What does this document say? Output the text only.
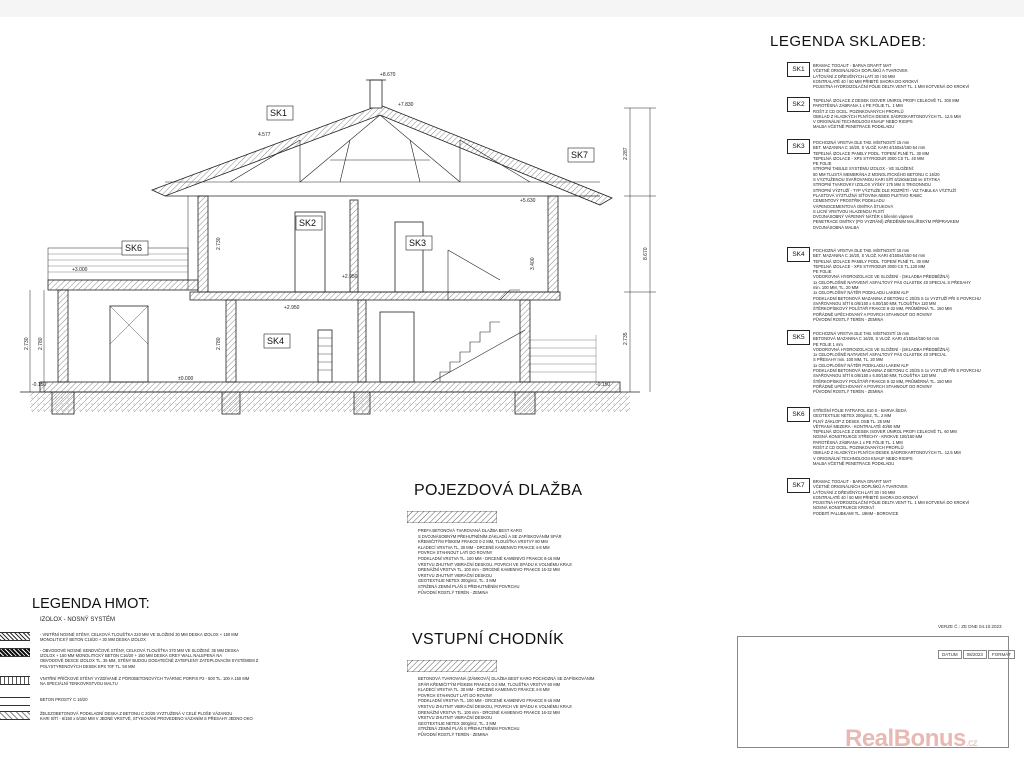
SK1
SK7
SK6
SK2
SK3
SK4
+8.670
+7.830
+5.630
+3.000
+2.950
+2.950
±0.000
-0.150	-0.150
4.577
8.670
2.287
2.735
2.730
2.780
3.400
2.730 2.780
LEGENDA SKLADEB:
SK1
BRAMAC TOGALIT - BARVA GRAFIT MAT
VČETNĚ ORIGINÁLNÍCH DOPLŇKŮ A TVAROVEK
LAŤOVÁNÍ Z DŘEVĚNÝCH LATÍ 30 / 50 MM
KONTRALATĚ 40 / 60 MM PŘIBITÉ SHORA DO KROKVÍ
POJISTNÁ HYDROIZOLAČNÍ FÓLIE DELTA VENT TL. 1 MM KOTVENÁ DO KROKVÍ
SK2
TEPELNÁ IZOLACE Z DESEK ISOVER UNIROL PROFI CELKOVĚ TL. 300 MM
PAROTĚSNÁ ZÁBRANA 1 x PE FÓLIE TL. 1 MM
ROŠT Z CD OCEL. POZINKOVANÝCH PROFILŮ
OBKLAD Z HLADKÝCH PLNÝCH DESEK SÁDROKARTONOVÝCH TL. 12.5 MM
V ORIGINÁLNÍ TECHNOLOGII KNAUF NEBO RIGIPS
MALBA VČETNĚ PENETRACE PODKLADU
SK3
POCHOZNÁ VRSTVA DLE TAB. MÍSTNOSTÍ 15 mm
BET. MAZANINA C 16/20, S VLOŽ. KARI 4/150x4/150 64 mm
TEPELNÁ IZOLACE PANELY PODL. TOPENÍ PLNÉ TL. 30 MM
TEPELNÁ IZOLACE - XPS STYRODUR 3000 CS TL. 40 MM
PE FOLIE
STROPNÍ TABULE SYSTÉMU IZOLOX - VE SLOŽENÍ:
50 MM TLUSTÁ MEMBRÁNA Z MONOLITICKÉHO BETONU C 16/20
S VYZTUŽENOU SVAŘOVANOU KARI SÍTÍ 6/150x6/150 ve STATIKA
STROPNÍ TVAROVKY IZOLOX VÝŠKY 175 MM S TRIGONNOU
STROPNÍ VÝZTUŽÍ - TYP VÝZTUŽE DLE ROZPĚTÍ - VIZ TABULKA VÝZTUŽÍ
PLASTOVÁ VÝZTUŽNÁ SÍŤOVINA NEBO PLETIVO RABIC
CEMENTOVÝ PROSTŘIK PODKLADU
VÁPENOCEMENTOVÁ OMÍTKA ŠTUKOVÁ
S LICNÍ VRSTVOU HLAZENOU PLSTÍ
DVOJNÁSOBNÝ VÁPENNÝ NÁTĚR s bílením vápnem
PENETRACE OMÍTKY (PO VYZRÁNÍ) ZŘEDĚNÍM MALÍŘSKÝM PŘÍPRAVKEM
DVOJNÁSOBNÁ MALBA
SK4
POCHOZNÁ VRSTVA DLE TAB. MÍSTNOSTÍ 15 mm
BET. MAZANINA C 16/20, S VLOŽ. KARI 4/150x4/150 64 mm
TEPELNÁ IZOLACE PANELY PODL. TOPENÍ PLNÉ TL. 30 MM
TEPELNÁ IZOLACE - XPS STYRODUR 3000 CS TL.120 MM
PE FOLIE
VODOROVNÁ HYDROIZOLACE VE SLOŽENÍ - (SKLADBA PŘEDBĚŽNÁ)
1x CELOPLOŠNĚ NATAVENÝ ASFALTOVÝ PÁS GLASTEK 40 SPECIAL S PŘESAHY
min. 100 MM, TL. 20 MM
1x CELOPLOŠNÝ NÁTĚR PODKLADU LAKEM ALP
PODKLADNÍ BETONOVÁ MAZANINA Z BETONU C 20/25 S 1x VYZTUŽÍ PŘI S POVRCHU
SVAŘOVANOU SÍTÍ 6.0/6/150 x 6.00/150 MM, TLOUŠŤKA 120 MM
ŠTĚRKOPÍSKOVÝ POLŠTÁŘ FRAKCE 8-32 MM, PRŮMĚRNÁ TL. 150 MM
POŘÁDNĚ UPĚCHOVANÝ A POVRCH STAHNOUT DO ROVINY
PŮVODNÍ ROSTLÝ TERÉN - ZEMINA
SK5
POCHOZNÁ VRSTVA DLE TAB. MÍSTNOSTÍ 15 mm
BETONOVÁ MAZANINA C 16/20, S VLOŽ. KARI 4/150x4/150 64 mm
PE FOLIE 1 mm
VODOROVNÁ HYDROIZOLACE VE SLOŽENÍ - (SKLADBA PŘEDBĚŽNÁ)
1x CELOPLOŠNĚ NATAVENÝ ASFALTOVÝ PÁS GLASTEK 40 SPECIAL
S PŘESAHY min. 100 MM, TL. 20 MM
1x CELOPLOŠNÝ NÁTĚR PODKLADU LAKEM ALP
PODKLADNÍ BETONOVÁ MAZANINA Z BETONU C 20/25 S 1x VYZTUŽÍ PŘI S POVRCHU
SVAŘOVANOU SÍTÍ 6.0/6/150 x 6.00/150 MM, TLOUŠŤKA 120 MM
ŠTĚRKOPÍSKOVÝ POLŠTÁŘ FRAKCE 8-32 MM, PRŮMĚRNÁ TL. 150 MM
POŘÁDNĚ UPĚCHOVANÝ A POVRCH STAHNOUT DO ROVINY
PŮVODNÍ ROSTLÝ TERÉN - ZEMINA
SK6
STŘEŠNÍ FÓLIE FATRAFOL 810 S - BARVA ŠEDÁ
GEOTEXTILIE NETEX 200g/m2, TL. 2 MM
PLNÝ ZÁKLOP Z DESEK OSB TL. 25 MM
VĚTRANÁ MEZERA - KONTRALATĚ 40/60 MM
TEPELNÁ IZOLACE Z DESEK ISOVER UNIROL PROFI CELKOVĚ TL. 60 MM
NOSNÁ KONSTRUKCE STŘECHY - KROKVE 100/160 MM
PAROTĚSNÁ ZÁBRANA 1 x PE FÓLIE TL. 1 MM
ROŠT Z CD OCEL. POZINKOVANÝCH PROFILŮ
OBKLAD Z HLADKÝCH PLNÝCH DESEK SÁDROKARTONOVÝCH TL. 12.5 MM
V ORIGINÁLNÍ TECHNOLOGII KNAUF NEBO RIGIPS
MALBA VČETNĚ PENETRACE PODKLADU
SK7
BRAMAC TOGALIT - BARVA GRAFIT MAT
VČETNĚ ORIGINÁLNÍCH DOPLŇKŮ A TVAROVEK
LAŤOVÁNÍ Z DŘEVĚNÝCH LATÍ 30 / 50 MM
KONTRALATĚ 40 / 60 MM PŘIBITÉ SHORA DO KROKVÍ
POJISTNÁ HYDROIZOLAČNÍ FÓLIE DELTA VENT TL. 1 MM KOTVENÁ DO KROKVÍ
NOSNÁ KONSTRUKCE KROKVÍ
PODBITÍ PALUBKAMI TL. 19MM - BOROVICE
POJEZDOVÁ DLAŽBA
PREFA BETONOVÁ TVAROVANÁ DLAŽBA BEST KARO
S DVOJNÁSOBNÝM PŘEHUTNĚNÍM ZÁKLADŮ A SE ZAPÍSKOVÁNÍM SPÁR
KŘEMIČITÝM PÍSKEM FRAKCE 0-2 MM, TLOUŠŤKA VRSTVY 80 MM
KLADECÍ VRSTVA TL. 30 MM - DRCENÉ KAMENIVO FRAKCE 4-8 MM
POVRCH STAHNOUT LATÍ DO ROVINY
PODKLADNÍ VRSTVA TL. 100 MM - DRCENÉ KAMENIVO FRAKCE 8-16 MM
VRSTVU ZHUTNIT VIBRAČNÍ DESKOU, POVRCH VE SPÁDU K VOLNÉMU KRAJI
DRENÁŽNÍ VRSTVA TL. 100 mm - DRCENÉ KAMENIVO FRAKCE 16-32 MM
VRSTVU ZHUTNIT VIBRAČNÍ DESKOU
GEOTEXTILIE NETEX 300g/m2, TL. 3 MM
STRŽENÁ ZEMNÍ PLÁŇ S PŘEHUTNĚNÍM POVRCHU
PŮVODNÍ ROSTLÝ TERÉN - ZEMINA
VSTUPNÍ CHODNÍK
BETONOVÁ TVAROVANÁ (ZÁMKOVÁ) DLAŽBA BEST KARO POCHOZNÁ SE ZAPÍSKOVÁNÍM
SPÁR KŘEMIČITÝM PÍSKEM FRAKCE 0-2 MM, TLOUŠŤKA VRSTVY 60 MM
KLADECÍ VRSTVA TL. 30 MM - DRCENÉ KAMENIVO FRAKCE 4-8 MM
POVRCH STAHNOUT LATÍ DO ROVINY
PODKLADNÍ VRSTVA TL. 100 MM - DRCENÉ KAMENIVO FRAKCE 8-16 MM
VRSTVU ZHUTNIT VIBRAČNÍ DESKOU, POVRCH VE SPÁDU K VOLNÉMU KRAJI
DRENÁŽNÍ VRSTVA TL. 100 mm - DRCENÉ KAMENIVO FRAKCE 16-32 MM
VRSTVU ZHUTNIT VIBRAČNÍ DESKOU
GEOTEXTILIE NETEX 300g/m2, TL. 3 MM
STRŽENÁ ZEMNÍ PLÁŇ S PŘEHUTNĚNÍM POVRCHU
PŮVODNÍ ROSTLÝ TERÉN - ZEMINA
LEGENDA HMOT:
IZOLOX - NOSNÝ SYSTÉM
- VNITŘNÍ NOSNÉ STĚNY, CELKOVÁ TLOUŠŤKA 220 MM VE SLOŽENÍ 30 MM DESKA IZOLOX + 150 MM
MONOLITICKÝ BETON C16/20 + 30 MM DESKA IZOLOX
- OBVODOVÉ NOSNÉ SENDVIČOVÉ STĚNY, CELKOVÁ TLOUŠŤKA 370 MM VE SLOŽENÍ: 35 MM DESKA
IZOLOX + 150 MM MONOLITICKÝ BETON C16/20 + 150 MM DESKA GREY WALL NALEPENÁ NA
OBVODOVÉ DESCE IZOLOX TL. 35 MM, STĚNY BUDOU DODATEČNĚ ZATEPLENY ZATEPLOVACÍM SYSTÉMEM Z
POLYSTYRENOVÝCH DESEK EPS 70F TL. 50 MM
VNITŘNÍ PŘÍČKOVÉ STĚNY VYZDÍVANÉ Z PÓROBETONOVÝCH TVÁRNIC PORFIX P2 - 500 TL. 100 A 150 MM
NA SPECIÁLNÍ TENKOVRSTVOU MALTU
BETON PROSTÝ C 16/20
ŽELEZOBETONOVÁ PODKLADNÍ DESKA Z BETONU C 20/25 VYZTUŽENÁ V CELÉ PLOŠE VÁZANOU
KARI SÍTÍ - 6/150 x 6/150 MM V JEDNÉ VRSTVĚ, STYKOVÁNÍ PROVEDENO VÁZANÍM S PŘESAHY JEDNO OKO
VERZE Č.: ZE DNE 04.10.2023
DATUM 08/2023 FORMÁT
RealBonus.cz
